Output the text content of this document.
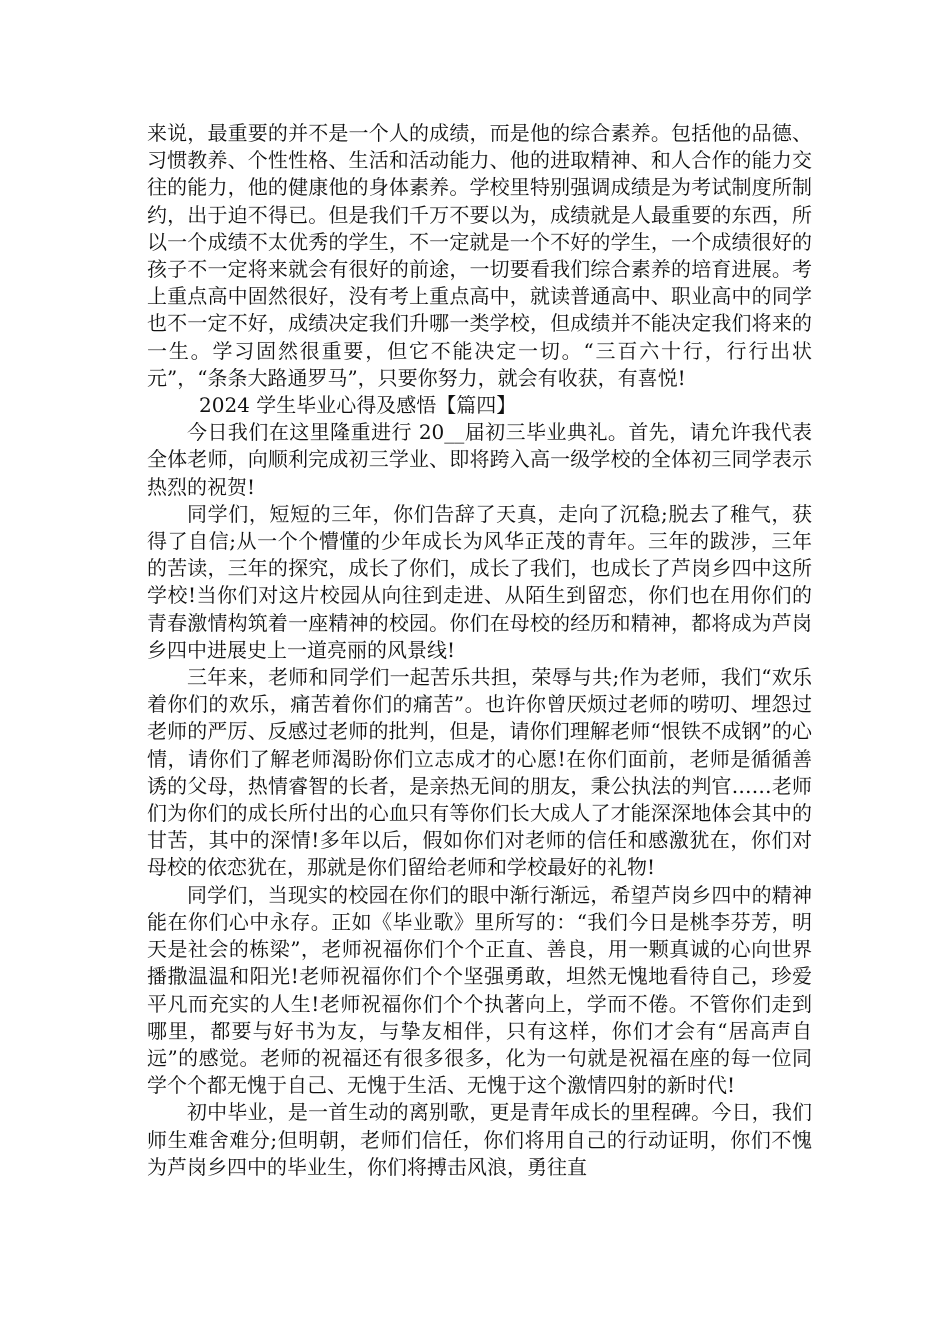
来说，最重要的并不是一个人的成绩，而是他的综合素养。包括他的品德、习惯教养、个性性格、生活和活动能力、他的进取精神、和人合作的能力交往的能力，他的健康他的身体素养。学校里特别强调成绩是为考试制度所制约，出于迫不得已。但是我们千万不要以为，成绩就是人最重要的东西，所以一个成绩不太优秀的学生，不一定就是一个不好的学生，一个成绩很好的孩子不一定将来就会有很好的前途，一切要看我们综合素养的培育进展。考上重点高中固然很好，没有考上重点高中，就读普通高中、职业高中的同学也不一定不好，成绩决定我们升哪一类学校，但成绩并不能决定我们将来的一生。学习固然很重要，但它不能决定一切。“三百六十行，行行出状元”，“条条大路通罗马”，只要你努力，就会有收获，有喜悦!

2024 学生毕业心得及感悟【篇四】

今日我们在这里隆重进行 20__届初三毕业典礼。首先，请允许我代表全体老师，向顺利完成初三学业、即将跨入高一级学校的全体初三同学表示热烈的祝贺!

同学们，短短的三年，你们告辞了天真，走向了沉稳;脱去了稚气，获得了自信;从一个个懵懂的少年成长为风华正茂的青年。三年的跋涉，三年的苦读，三年的探究，成长了你们，成长了我们，也成长了芦岗乡四中这所学校!当你们对这片校园从向往到走进、从陌生到留恋，你们也在用你们的青春激情构筑着一座精神的校园。你们在母校的经历和精神，都将成为芦岗乡四中进展史上一道亮丽的风景线!

三年来，老师和同学们一起苦乐共担，荣辱与共;作为老师，我们“欢乐着你们的欢乐，痛苦着你们的痛苦”。也许你曾厌烦过老师的唠叨、埋怨过老师的严厉、反感过老师的批判，但是，请你们理解老师“恨铁不成钢”的心情，请你们了解老师渴盼你们立志成才的心愿!在你们面前，老师是循循善诱的父母，热情睿智的长者，是亲热无间的朋友，秉公执法的判官……老师们为你们的成长所付出的心血只有等你们长大成人了才能深深地体会其中的甘苦，其中的深情!多年以后，假如你们对老师的信任和感激犹在，你们对母校的依恋犹在，那就是你们留给老师和学校最好的礼物!

同学们，当现实的校园在你们的眼中渐行渐远，希望芦岗乡四中的精神能在你们心中永存。正如《毕业歌》里所写的：“我们今日是桃李芬芳，明天是社会的栋梁”，老师祝福你们个个正直、善良，用一颗真诚的心向世界播撒温温和阳光!老师祝福你们个个坚强勇敢，坦然无愧地看待自己，珍爱平凡而充实的人生!老师祝福你们个个执著向上，学而不倦。不管你们走到哪里，都要与好书为友，与挚友相伴，只有这样，你们才会有“居高声自远”的感觉。老师的祝福还有很多很多，化为一句就是祝福在座的每一位同学个个都无愧于自己、无愧于生活、无愧于这个激情四射的新时代!

初中毕业，是一首生动的离别歌，更是青年成长的里程碑。今日，我们师生难舍难分;但明朝，老师们信任，你们将用自己的行动证明，你们不愧为芦岗乡四中的毕业生，你们将搏击风浪，勇往直
